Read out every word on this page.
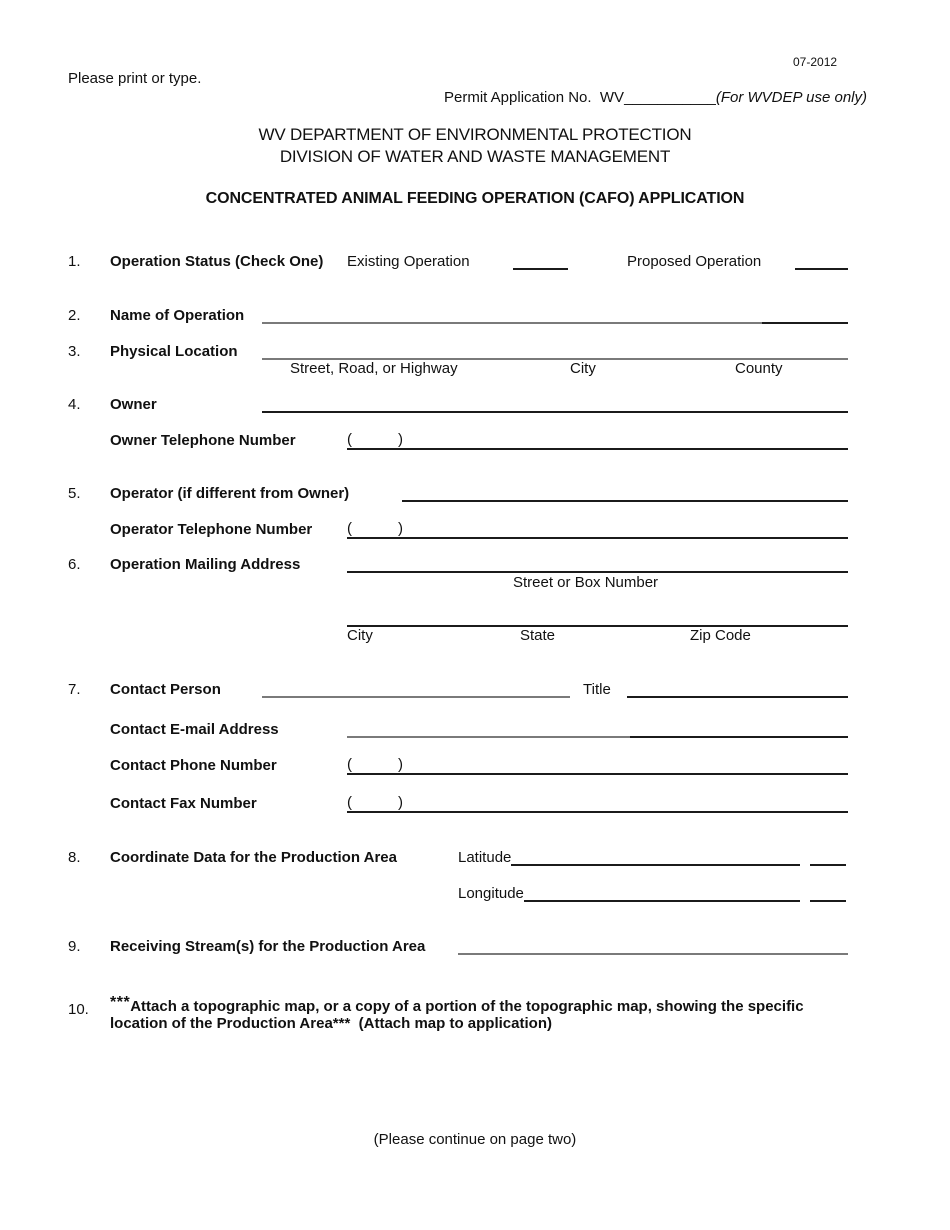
07-2012
Please print or type.
Permit Application No.  WV___________(For WVDEP use only)
WV DEPARTMENT OF ENVIRONMENTAL PROTECTION
DIVISION OF WATER AND WASTE MANAGEMENT
CONCENTRATED ANIMAL FEEDING OPERATION (CAFO) APPLICATION
1. Operation Status (Check One) Existing Operation	Proposed Operation
2. Name of Operation
3. Physical Location
Street, Road, or Highway	City	County
4. Owner
Owner Telephone Number	(	)
5. Operator (if different from Owner)
Operator Telephone Number (	)
6. Operation Mailing Address
Street or Box Number
City	State	Zip Code
7. Contact Person	Title
Contact E-mail Address
Contact Phone Number	(	)
Contact Fax Number	(	)
8. Coordinate Data for the Production Area	Latitude
Longitude
9. Receiving Stream(s) for the Production Area
10. ***Attach a topographic map, or a copy of a portion of the topographic map, showing the specific
location of the Production Area***  (Attach map to application)
(Please continue on page two)
